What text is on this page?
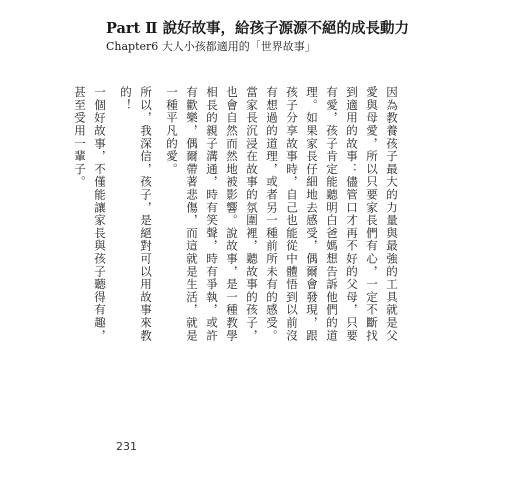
Part Ⅱ 說好故事，給孩子源源不絕的成長動力
Chapter6 大人小孩都適用的「世界故事」

因為教養孩子最大的力量與最強的工具就是父愛與母愛，所以只要家長們有心，一定不斷找到適用的故事：儘管口才再不好的父母，只要有愛，孩子肯定能聽明白爸媽想告訴他們的道理。如果家長仔細地去感受，偶爾會發現，跟孩子分享故事時，自己也能從中體悟到以前沒有想過的道理，或者另一種前所未有的感受。

當家長沉浸在故事的氛圍裡，聽故事的孩子，也會自然而然地被影響。說故事，是一種教學相長的親子溝通，時有笑聲，時有爭執，或許有歡樂，偶爾帶著悲傷，而這就是生活，就是一種平凡的愛。

所以，我深信，孩子，是絕對可以用故事來教的！

一個好故事，不僅能讓家長與孩子聽得有趣，甚至受用一輩子。

231
